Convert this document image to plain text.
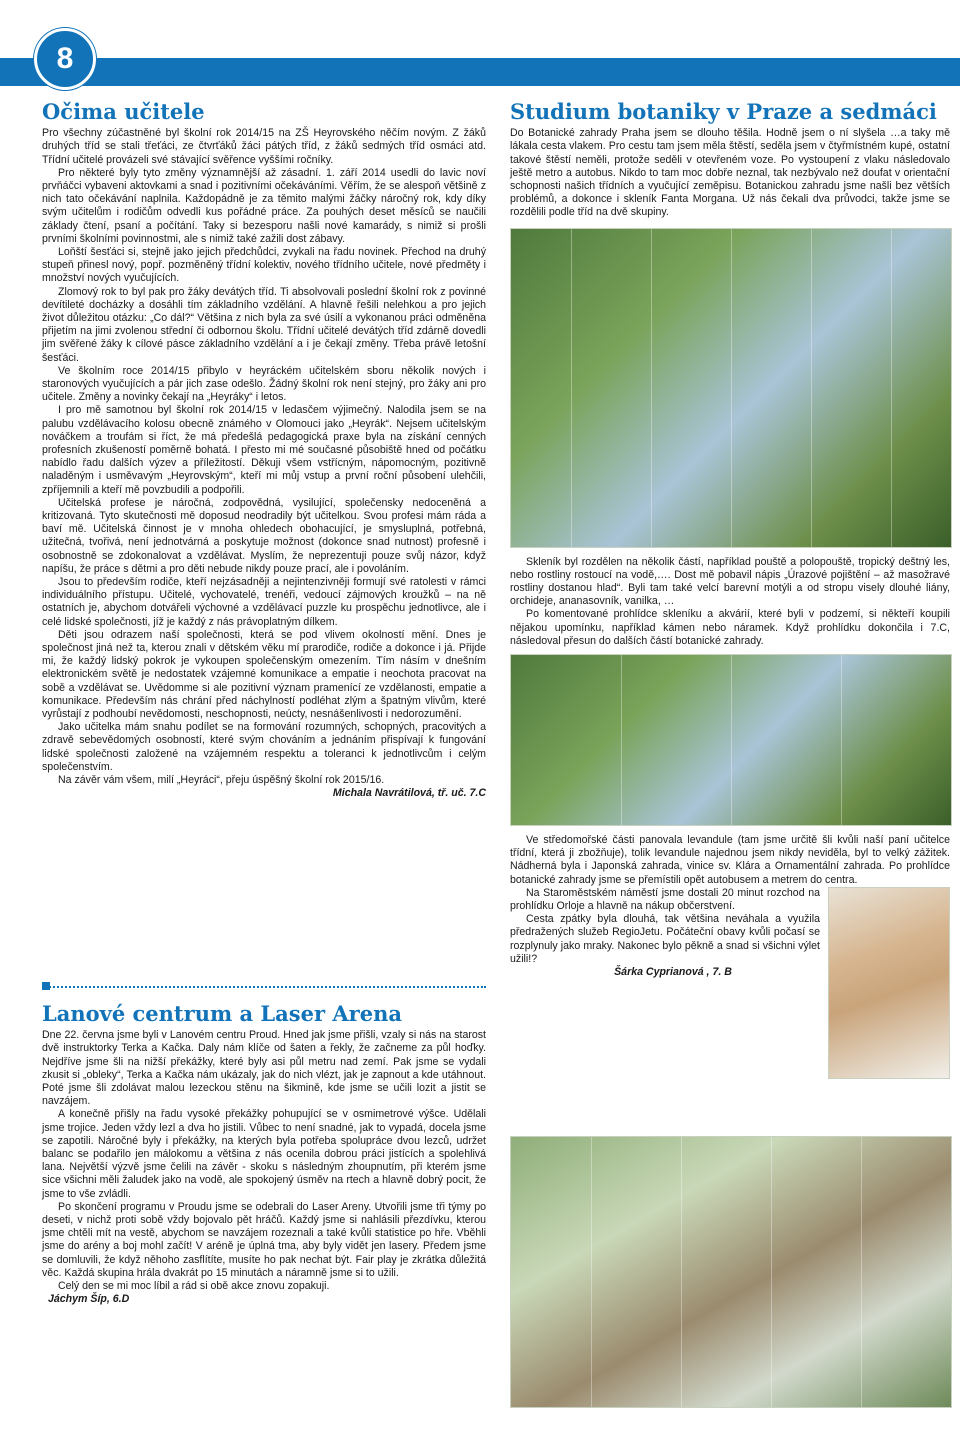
8
Očima učitele

Pro všechny zúčastněné byl školní rok 2014/15 na ZŠ Heyrovského něčím novým. Z žáků druhých tříd se stali třeťáci, ze čtvrťáků žáci pátých tříd, z žáků sedmých tříd osmáci atd. Třídní učitelé provázeli své stávající svěřence vyššími ročníky.

Pro některé byly tyto změny významnější až zásadní. 1. září 2014 usedli do lavic noví prvňáčci vybaveni aktovkami a snad i pozitivními očekáváními. Věřím, že se alespoň většině z nich tato očekávání naplnila. Každopádně je za těmito malými žáčky náročný rok, kdy díky svým učitelům i rodičům odvedli kus pořádné práce. Za pouhých deset měsíců se naučili základy čtení, psaní a počítání. Taky si bezesporu našli nové kamarády, s nimiž si prošli prvními školními povinnostmi, ale s nimiž také zažili dost zábavy.

Loňští šesťáci si, stejně jako jejich předchůdci, zvykali na řadu novinek. Přechod na druhý stupeň přinesl nový, popř. pozměněný třídní kolektiv, nového třídního učitele, nové předměty i množství nových vyučujících.

Zlomový rok to byl pak pro žáky devátých tříd. Ti absolvovali poslední školní rok z povinné devítileté docházky a dosáhli tím základního vzdělání. A hlavně řešili nelehkou a pro jejich život důležitou otázku: „Co dál?“ Většina z nich byla za své úsilí a vykonanou práci odměněna přijetím na jimi zvolenou střední či odbornou školu. Třídní učitelé devátých tříd zdárně dovedli jim svěřené žáky k cílové pásce základního vzdělání a i je čekají změny. Třeba právě letošní šesťáci.

Ve školním roce 2014/15 přibylo v heyráckém učitelském sboru několik nových i staronových vyučujících a pár jich zase odešlo. Žádný školní rok není stejný, pro žáky ani pro učitele. Změny a novinky čekají na „Heyráky“ i letos.

I pro mě samotnou byl školní rok 2014/15 v ledasčem výjimečný. Nalodila jsem se na palubu vzdělávacího kolosu obecně známého v Olomouci jako „Heyrák“. Nejsem učitelským nováčkem a troufám si říct, že má předešlá pedagogická praxe byla na získání cenných profesních zkušeností poměrně bohatá. I přesto mi mé současné působiště hned od počátku nabídlo řadu dalších výzev a příležitostí. Děkuji všem vstřícným, nápomocným, pozitivně naladěným i usměvavým „Heyrovským“, kteří mi můj vstup a první roční působení ulehčili, zpříjemnili a kteří mě povzbudili a podpořili.

Učitelská profese je náročná, zodpovědná, vysilující, společensky nedoceněná a kritizovaná. Tyto skutečnosti mě doposud neodradily být učitelkou. Svou profesi mám ráda a baví mě. Učitelská činnost je v mnoha ohledech obohacující, je smysluplná, potřebná, užitečná, tvořivá, není jednotvárná a poskytuje možnost (dokonce snad nutnost) profesně i osobnostně se zdokonalovat a vzdělávat. Myslím, že neprezentuji pouze svůj názor, když napíšu, že práce s dětmi a pro děti nebude nikdy pouze prací, ale i povoláním.

Jsou to především rodiče, kteří nejzásadněji a nejintenzivněji formují své ratolesti v rámci individuálního přístupu. Učitelé, vychovatelé, trenéři, vedoucí zájmových kroužků – na ně ostatních je, abychom dotvářeli výchovné a vzdělávací puzzle ku prospěchu jednotlivce, ale i celé lidské společnosti, jíž je každý z nás právoplatným dílkem.

Děti jsou odrazem naší společnosti, která se pod vlivem okolností mění. Dnes je společnost jiná než ta, kterou znali v dětském věku mí prarodiče, rodiče a dokonce i já. Přijde mi, že každý lidský pokrok je vykoupen společenským omezením. Tím násím v dnešním elektronickém světě je nedostatek vzájemné komunikace a empatie i neochota pracovat na sobě a vzdělávat se. Uvědomme si ale pozitivní význam pramenící ze vzdělanosti, empatie a komunikace. Především nás chrání před náchylností podléhat zlým a špatným vlivům, které vyrůstají z podhoubí nevědomosti, neschopnosti, neúcty, nesnášenlivosti i nedorozumění.

Jako učitelka mám snahu podílet se na formování rozumných, schopných, pracovitých a zdravě sebevědomých osobností, které svým chováním a jednáním přispívají k fungování lidské společnosti založené na vzájemném respektu a toleranci k jednotlivcům i celým společenstvím.

Na závěr vám všem, milí „Heyráci“, přeju úspěšný školní rok 2015/16.

Michala Navrátilová, tř. uč. 7.C

Lanové centrum a Laser Arena

Dne 22. června jsme byli v Lanovém centru Proud. Hned jak jsme přišli, vzaly si nás na starost dvě instruktorky Terka a Kačka. Daly nám klíče od šaten a řekly, že začneme za půl hoďky. Nejdříve jsme šli na nižší překážky, které byly asi půl metru nad zemí. Pak jsme se vydali zkusit si „obleky“, Terka a Kačka nám ukázaly, jak do nich vlézt, jak je zapnout a kde utáhnout. Poté jsme šli zdolávat malou lezeckou stěnu na šikmině, kde jsme se učili lozit a jistit se navzájem.

A konečně přišly na řadu vysoké překážky pohupující se v osmimetrové výšce. Udělali jsme trojice. Jeden vždy lezl a dva ho jistili. Vůbec to není snadné, jak to vypadá, docela jsme se zapotili. Náročné byly i překážky, na kterých byla potřeba spolupráce dvou lezců, udržet balanc se podařilo jen málokomu a většina z nás ocenila dobrou práci jistících a spolehlivá lana. Největší výzvě jsme čelili na závěr - skoku s následným zhoupnutím, při kterém jsme sice všichni měli žaludek jako na vodě, ale spokojený úsměv na rtech a hlavně dobrý pocit, že jsme to vše zvládli.

Po skončení programu v Proudu jsme se odebrali do Laser Areny. Utvořili jsme tři týmy po deseti, v nichž proti sobě vždy bojovalo pět hráčů. Každý jsme si nahlásili přezdívku, kterou jsme chtěli mít na vestě, abychom se navzájem rozeznali a také kvůli statistice po hře. Vběhli jsme do arény a boj mohl začít! V aréně je úplná tma, aby byly vidět jen lasery. Předem jsme se domluvili, že když něhoho zasflítíte, musíte ho pak nechat být. Fair play je zkrátka důležitá věc. Každá skupina hrála dvakrát po 15 minutách a náramně jsme si to užili.

Celý den se mi moc líbil a rád si obě akce znovu zopakuji.

Jáchym Šíp, 6.D

Studium botaniky v Praze a sedmáci

Do Botanické zahrady Praha jsem se dlouho těšila. Hodně jsem o ní slyšela …a taky mě lákala cesta vlakem. Pro cestu tam jsem měla štěstí, seděla jsem v čtyřmístném kupé, ostatní takové štěstí neměli, protože seděli v otevřeném voze. Po vystoupení z vlaku následovalo ještě metro a autobus. Nikdo to tam moc dobře neznal, tak nezbývalo než doufat v orientační schopnosti našich třídních a vyučující zeměpisu. Botanickou zahradu jsme našli bez větších problémů, a dokonce i skleník Fanta Morgana. Už nás čekali dva průvodci, takže jsme se rozdělili podle tříd na dvě skupiny.

Skleník byl rozdělen na několik částí, například pouště a polopouště, tropický deštný les, nebo rostliny rostoucí na vodě,…. Dost mě pobavil nápis „Úrazové pojištění – až masožravé rostliny dostanou hlad“. Byli tam také velcí barevní motýli a od stropu visely dlouhé liány, orchideje, ananasovník, vanilka, …

Po komentované prohlídce skleníku a akvárií, které byli v podzemí, si někteří koupili nějakou upomínku, například kámen nebo náramek. Když prohlídku dokončila i 7.C, následoval přesun do dalších částí botanické zahrady.

Ve středomořské části panovala levandule (tam jsme určitě šli kvůli naší paní učitelce třídní, která ji zbožňuje), tolik levandule najednou jsem nikdy neviděla, byl to velký zážitek. Nádherná byla i Japonská zahrada, vinice sv. Klára a Ornamentální zahrada. Po prohlídce botanické zahrady jsme se přemístili opět autobusem a metrem do centra.

Na Staroměstském náměstí jsme dostali 20 minut rozchod na prohlídku Orloje a hlavně na nákup občerstvení.

Cesta zpátky byla dlouhá, tak většina neváhala a využila předražených služeb RegioJetu. Počáteční obavy kvůli počasí se rozplynuly jako mraky. Nakonec bylo pěkně a snad si všichni výlet užili!?

Šárka Cyprianová , 7. B
